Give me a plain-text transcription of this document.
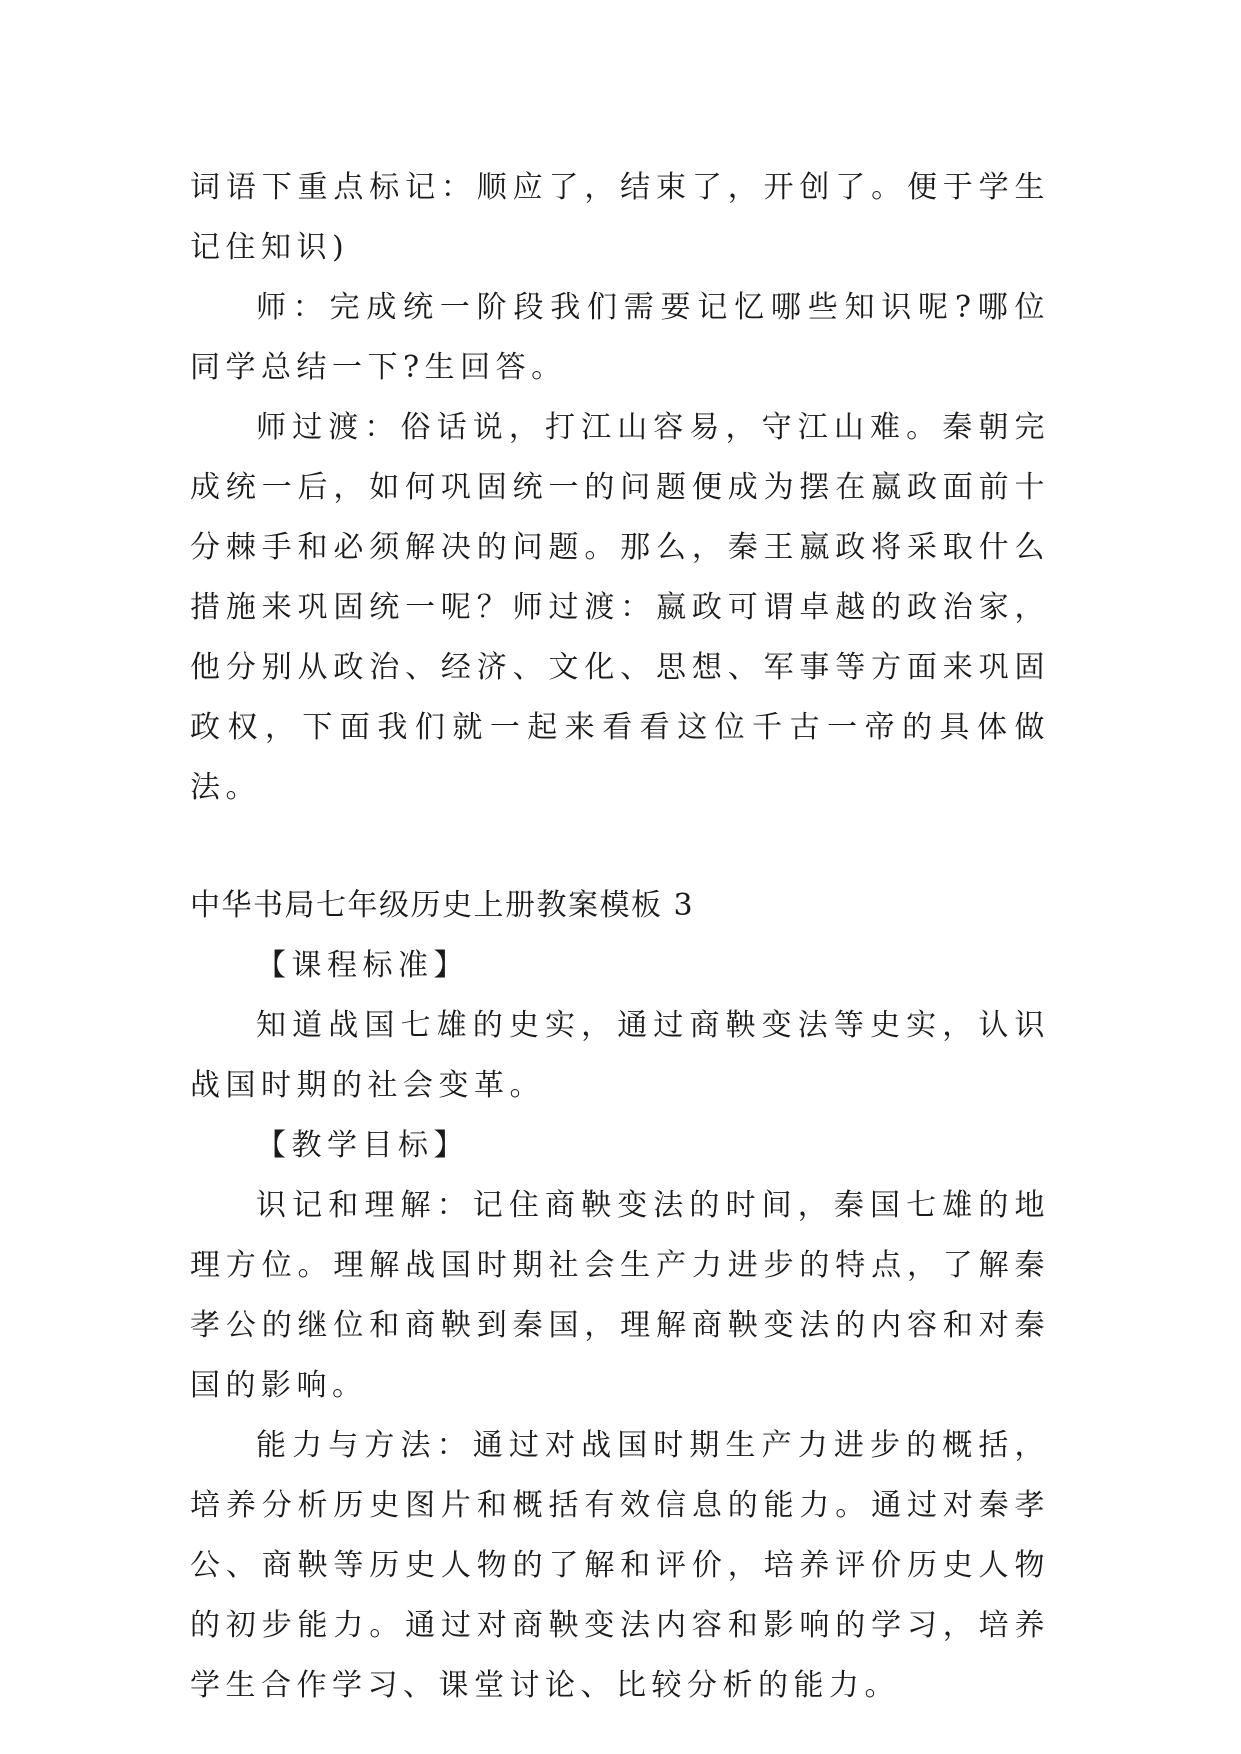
词语下重点标记：顺应了，结束了，开创了。便于学生记住知识)

师：完成统一阶段我们需要记忆哪些知识呢?哪位同学总结一下?生回答。

师过渡：俗话说，打江山容易，守江山难。秦朝完成统一后，如何巩固统一的问题便成为摆在嬴政面前十分棘手和必须解决的问题。那么，秦王嬴政将采取什么措施来巩固统一呢？师过渡：嬴政可谓卓越的政治家，他分别从政治、经济、文化、思想、军事等方面来巩固政权，下面我们就一起来看看这位千古一帝的具体做法。

中华书局七年级历史上册教案模板 3

【课程标准】

知道战国七雄的史实，通过商鞅变法等史实，认识战国时期的社会变革。

【教学目标】

识记和理解：记住商鞅变法的时间，秦国七雄的地理方位。理解战国时期社会生产力进步的特点，了解秦孝公的继位和商鞅到秦国，理解商鞅变法的内容和对秦国的影响。

能力与方法：通过对战国时期生产力进步的概括，培养分析历史图片和概括有效信息的能力。通过对秦孝公、商鞅等历史人物的了解和评价，培养评价历史人物的初步能力。通过对商鞅变法内容和影响的学习，培养学生合作学习、课堂讨论、比较分析的能力。
